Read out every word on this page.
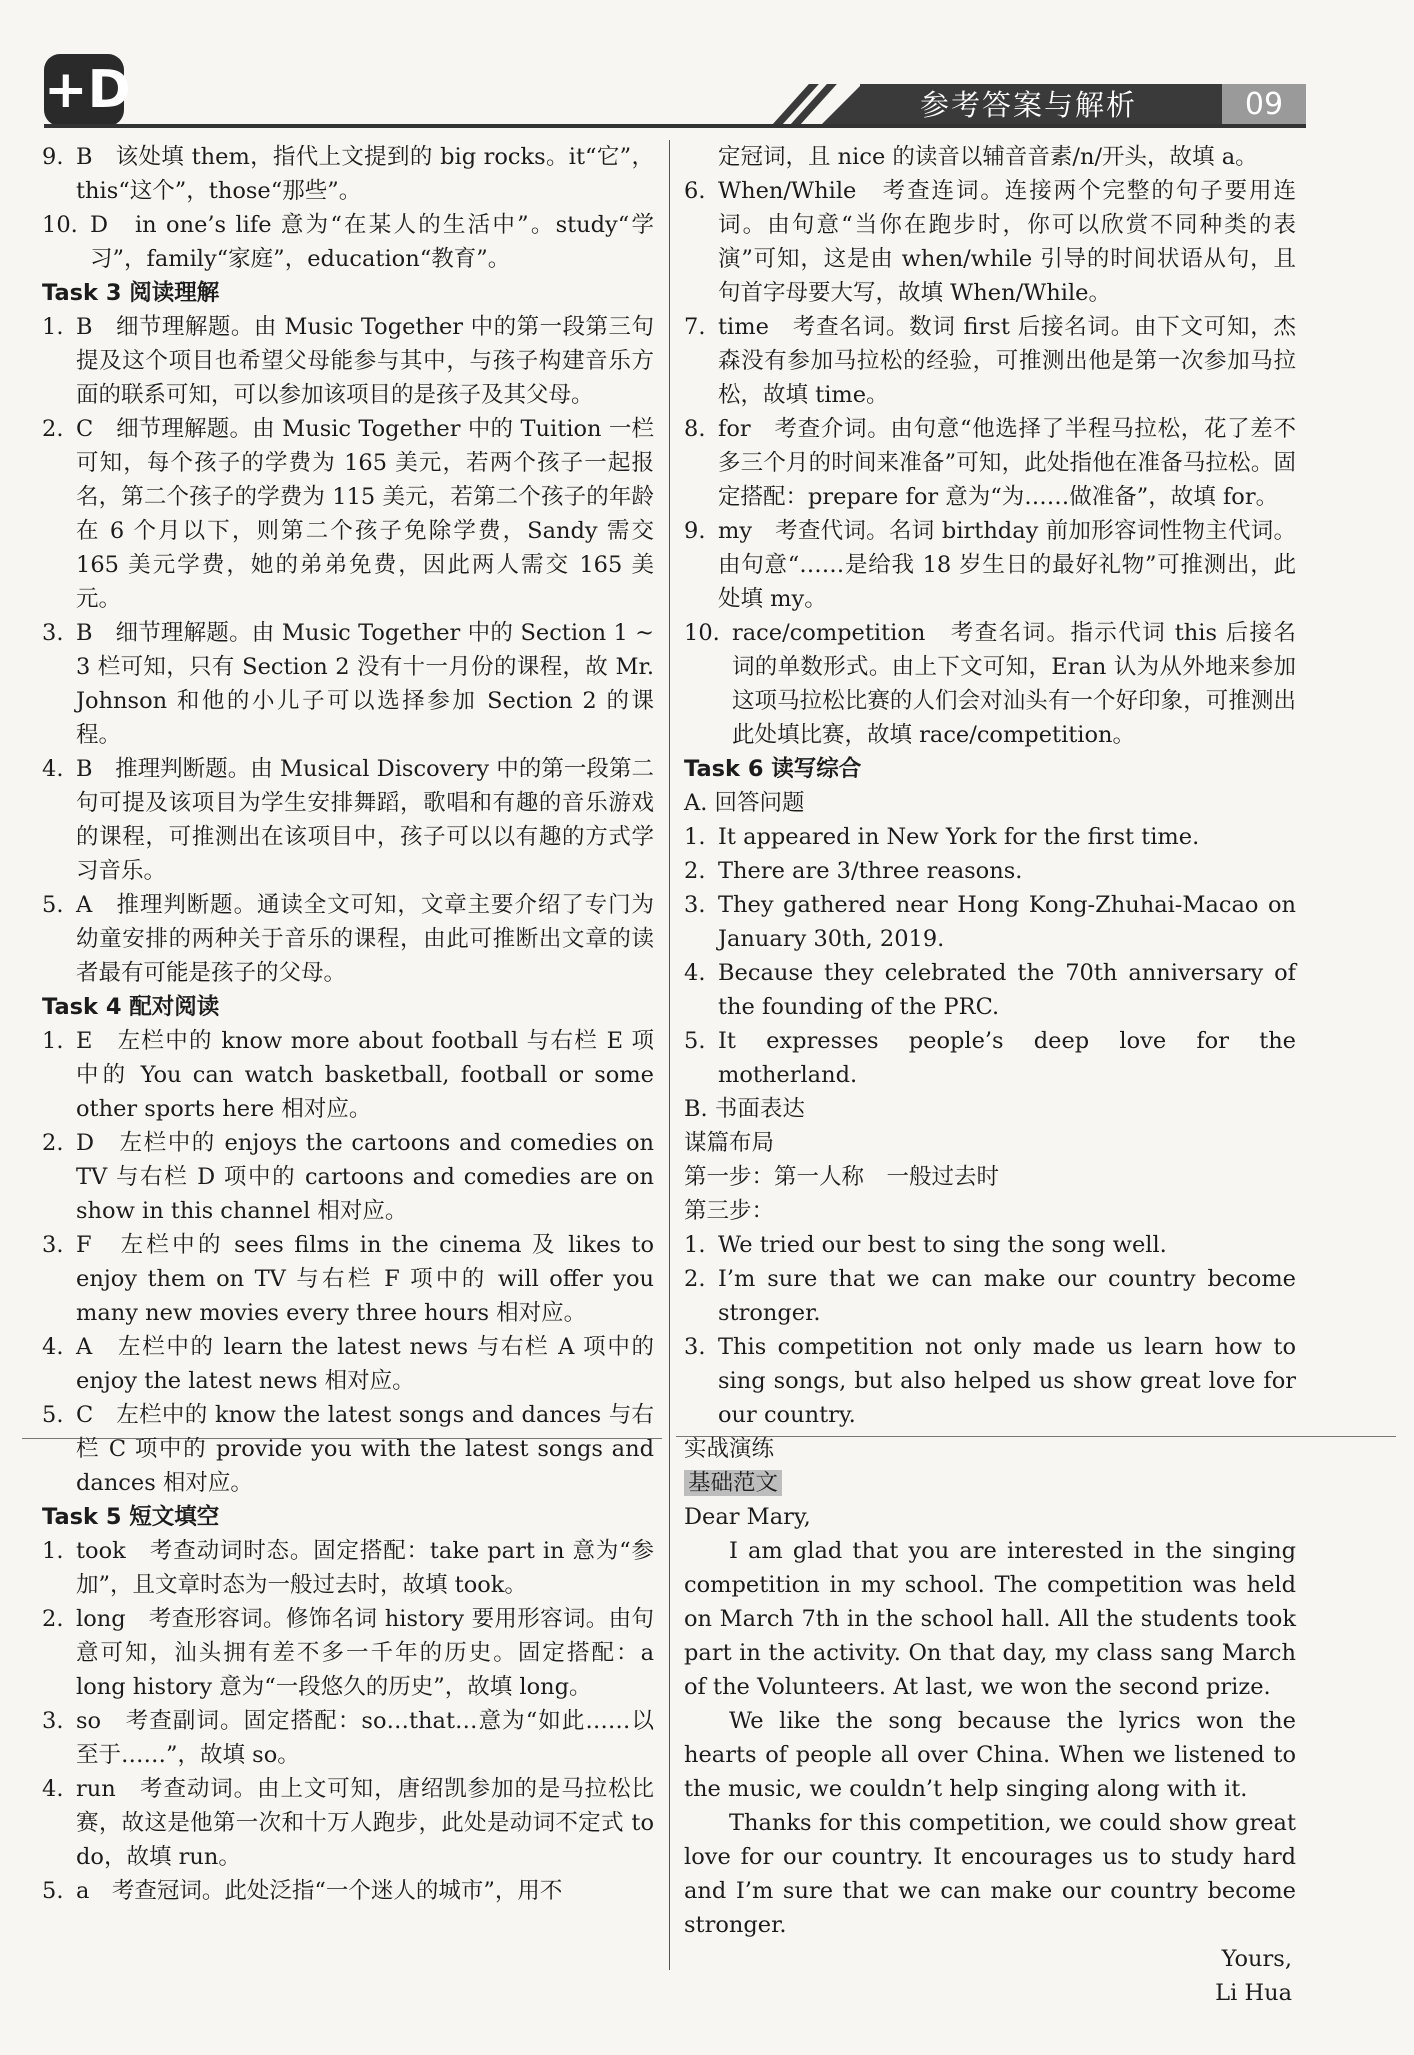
+D	参考答案与解析	09
9. B　该处填 them，指代上文提到的 big rocks。it“它”，this“这个”，those“那些”。
10. D　in one’s life 意为“在某人的生活中”。study“学习”，family“家庭”，education“教育”。
Task 3 阅读理解
1. B　细节理解题。由 Music Together 中的第一段第三句提及这个项目也希望父母能参与其中，与孩子构建音乐方面的联系可知，可以参加该项目的是孩子及其父母。
2. C　细节理解题。由 Music Together 中的 Tuition 一栏可知，每个孩子的学费为 165 美元，若两个孩子一起报名，第二个孩子的学费为 115 美元，若第二个孩子的年龄在 6 个月以下，则第二个孩子免除学费，Sandy 需交 165 美元学费，她的弟弟免费，因此两人需交 165 美元。
3. B　细节理解题。由 Music Together 中的 Section 1 ~ 3 栏可知，只有 Section 2 没有十一月份的课程，故 Mr. Johnson 和他的小儿子可以选择参加 Section 2 的课程。
4. B　推理判断题。由 Musical Discovery 中的第一段第二句可提及该项目为学生安排舞蹈，歌唱和有趣的音乐游戏的课程，可推测出在该项目中，孩子可以以有趣的方式学习音乐。
5. A　推理判断题。通读全文可知，文章主要介绍了专门为幼童安排的两种关于音乐的课程，由此可推断出文章的读者最有可能是孩子的父母。
Task 4 配对阅读
1. E　左栏中的 know more about football 与右栏 E 项中的 You can watch basketball, football or some other sports here 相对应。
2. D　左栏中的 enjoys the cartoons and comedies on TV 与右栏 D 项中的 cartoons and comedies are on show in this channel 相对应。
3. F　左栏中的 sees films in the cinema 及 likes to enjoy them on TV 与右栏 F 项中的 will offer you many new movies every three hours 相对应。
4. A　左栏中的 learn the latest news 与右栏 A 项中的 enjoy the latest news 相对应。
5. C　左栏中的 know the latest songs and dances 与右栏 C 项中的 provide you with the latest songs and dances 相对应。
Task 5 短文填空
1. took　考查动词时态。固定搭配：take part in 意为“参加”，且文章时态为一般过去时，故填 took。
2. long　考查形容词。修饰名词 history 要用形容词。由句意可知，汕头拥有差不多一千年的历史。固定搭配：a long history 意为“一段悠久的历史”，故填 long。
3. so　考查副词。固定搭配：so…that…意为“如此……以至于……”，故填 so。
4. run　考查动词。由上文可知，唐绍凯参加的是马拉松比赛，故这是他第一次和十万人跑步，此处是动词不定式 to do，故填 run。
5. a　考查冠词。此处泛指“一个迷人的城市”，用不
定冠词，且 nice 的读音以辅音音素/n/开头，故填 a。
6. When/While　考查连词。连接两个完整的句子要用连词。由句意“当你在跑步时，你可以欣赏不同种类的表演”可知，这是由 when/while 引导的时间状语从句，且句首字母要大写，故填 When/While。
7. time　考查名词。数词 first 后接名词。由下文可知，杰森没有参加马拉松的经验，可推测出他是第一次参加马拉松，故填 time。
8. for　考查介词。由句意“他选择了半程马拉松，花了差不多三个月的时间来准备”可知，此处指他在准备马拉松。固定搭配：prepare for 意为“为……做准备”，故填 for。
9. my　考查代词。名词 birthday 前加形容词性物主代词。由句意“……是给我 18 岁生日的最好礼物”可推测出，此处填 my。
10. race/competition　考查名词。指示代词 this 后接名词的单数形式。由上下文可知，Eran 认为从外地来参加这项马拉松比赛的人们会对汕头有一个好印象，可推测出此处填比赛，故填 race/competition。
Task 6 读写综合
A. 回答问题
1. It appeared in New York for the first time.
2. There are 3/three reasons.
3. They gathered near Hong Kong-Zhuhai-Macao on January 30th, 2019.
4. Because they celebrated the 70th anniversary of the founding of the PRC.
5. It expresses people’s deep love for the motherland.
B. 书面表达
谋篇布局
第一步：第一人称　一般过去时
第三步：
1. We tried our best to sing the song well.
2. I’m sure that we can make our country become stronger.
3. This competition not only made us learn how to sing songs, but also helped us show great love for our country.
实战演练
基础范文
Dear Mary,
I am glad that you are interested in the singing competition in my school. The competition was held on March 7th in the school hall. All the students took part in the activity. On that day, my class sang March of the Volunteers. At last, we won the second prize.
We like the song because the lyrics won the hearts of people all over China. When we listened to the music, we couldn’t help singing along with it.
Thanks for this competition, we could show great love for our country. It encourages us to study hard and I’m sure that we can make our country become stronger.
Yours,
Li Hua
